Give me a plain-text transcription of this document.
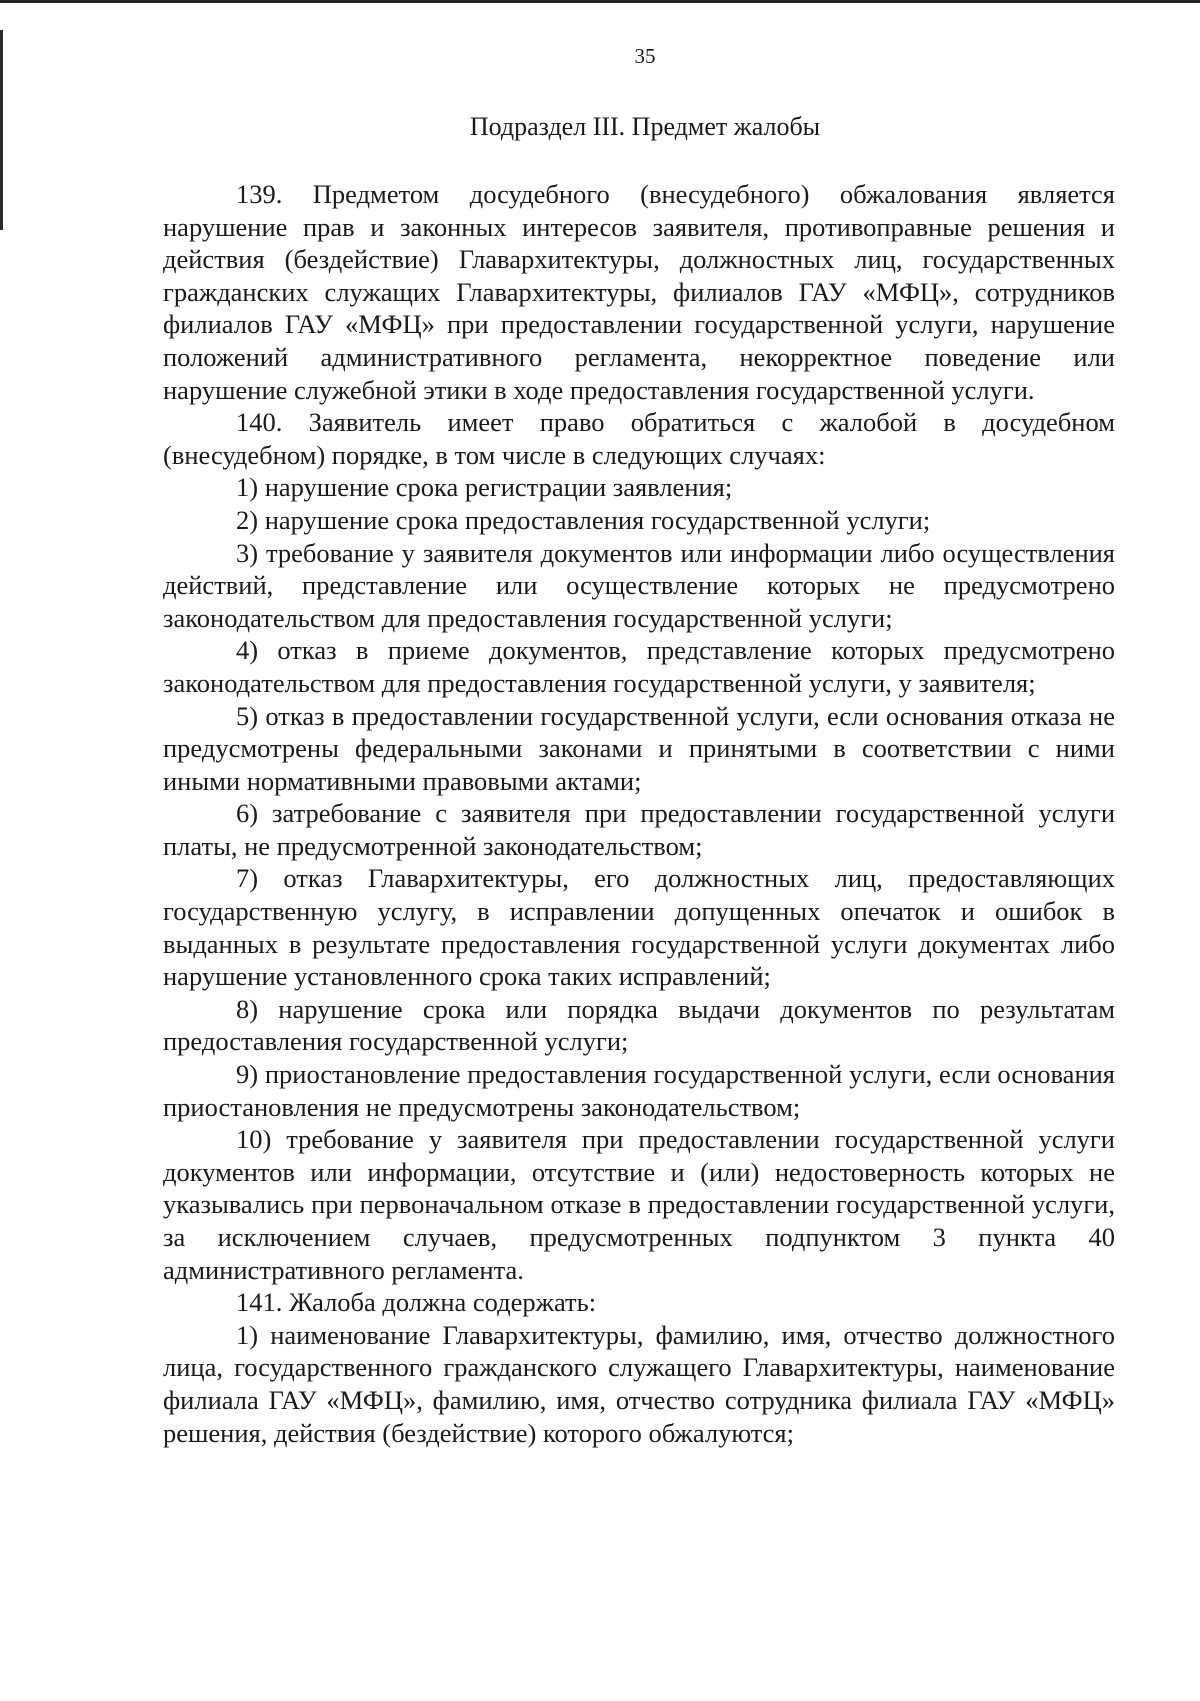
35
Подраздел III. Предмет жалобы

139. Предметом досудебного (внесудебного) обжалования является нарушение прав и законных интересов заявителя, противоправные решения и действия (бездействие) Главархитектуры, должностных лиц, государственных гражданских служащих Главархитектуры, филиалов ГАУ «МФЦ», сотрудников филиалов ГАУ «МФЦ» при предоставлении государственной услуги, нарушение положений административного регламента, некорректное поведение или нарушение служебной этики в ходе предоставления государственной услуги.

140. Заявитель имеет право обратиться с жалобой в досудебном (внесудебном) порядке, в том числе в следующих случаях:

1) нарушение срока регистрации заявления;

2) нарушение срока предоставления государственной услуги;

3) требование у заявителя документов или информации либо осуществления действий, представление или осуществление которых не предусмотрено законодательством для предоставления государственной услуги;

4) отказ в приеме документов, представление которых предусмотрено законодательством для предоставления государственной услуги, у заявителя;

5) отказ в предоставлении государственной услуги, если основания отказа не предусмотрены федеральными законами и принятыми в соответствии с ними иными нормативными правовыми актами;

6) затребование с заявителя при предоставлении государственной услуги платы, не предусмотренной законодательством;

7) отказ Главархитектуры, его должностных лиц, предоставляющих государственную услугу, в исправлении допущенных опечаток и ошибок в выданных в результате предоставления государственной услуги документах либо нарушение установленного срока таких исправлений;

8) нарушение срока или порядка выдачи документов по результатам предоставления государственной услуги;

9) приостановление предоставления государственной услуги, если основания приостановления не предусмотрены законодательством;

10) требование у заявителя при предоставлении государственной услуги документов или информации, отсутствие и (или) недостоверность которых не указывались при первоначальном отказе в предоставлении государственной услуги, за исключением случаев, предусмотренных подпунктом 3 пункта 40 административного регламента.

141. Жалоба должна содержать:

1) наименование Главархитектуры, фамилию, имя, отчество должностного лица, государственного гражданского служащего Главархитектуры, наименование филиала ГАУ «МФЦ», фамилию, имя, отчество сотрудника филиала ГАУ «МФЦ» решения, действия (бездействие) которого обжалуются;
